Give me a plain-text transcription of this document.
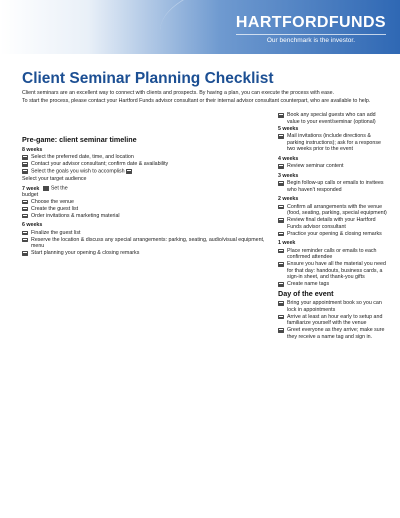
HARTFORDFUNDS
Our benchmark is the investor.
Client Seminar Planning Checklist

Client seminars are an excellent way to connect with clients and prospects. By having a plan, you can execute the process with ease.

To start the process, please contact your Hartford Funds advisor consultant or their internal advisor consultant counterpart, who are available to help.

Pre-game: client seminar timeline
8 weeks
Select the preferred date, time, and location
Contact your advisor consultant; confirm date & availability
Select the goals you wish to accomplish
Select your target audience
7 week Set the
budget
Choose the venue
Create the guest list
Order invitations & marketing material
6 weeks
Finalize the guest list
Reserve the location & discuss any special arrangements: parking, seating, audio/visual equipment, menu
Start planning your opening & closing remarks
Book any special guests who can add value to your event/seminar (optional)
5 weeks
Mail invitations (include directions & parking instructions); ask for a response two weeks prior to the event
4 weeks
Review seminar content
3 weeks
Begin follow-up calls or emails to invitees who haven't responded
2 weeks
Confirm all arrangements with the venue (food, seating, parking, special equipment)
Review final details with your Hartford Funds advisor consultant
Practice your opening & closing remarks
1 week
Place reminder calls or emails to each confirmed attendee
Ensure you have all the material you need for that day: handouts, business cards, a sign-in sheet, and thank-you gifts
Create name tags
Day of the event
Bring your appointment book so you can lock in appointments
Arrive at least an hour early to setup and familiarize yourself with the venue
Greet everyone as they arrive; make sure they receive a name tag and sign in.
